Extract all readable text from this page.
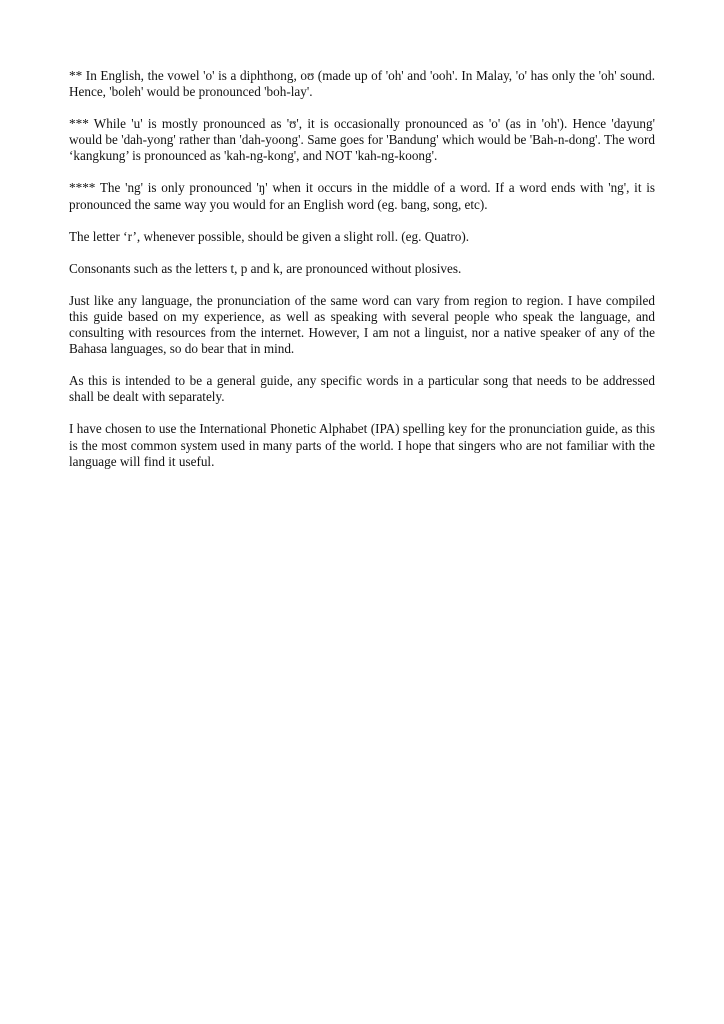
** In English, the vowel 'o' is a diphthong, oʊ (made up of 'oh' and 'ooh'. In Malay, 'o' has only the 'oh' sound. Hence, 'boleh' would be pronounced 'boh-lay'.

*** While 'u' is mostly pronounced as 'ʊ', it is occasionally pronounced as 'o' (as in 'oh'). Hence 'dayung' would be 'dah-yong' rather than 'dah-yoong'. Same goes for 'Bandung' which would be 'Bah-n-dong'. The word ‘kangkung’ is pronounced as 'kah-ng-kong', and NOT 'kah-ng-koong'.

**** The 'ng' is only pronounced 'ŋ' when it occurs in the middle of a word. If a word ends with 'ng', it is pronounced the same way you would for an English word (eg. bang, song, etc).

The letter ‘r’, whenever possible, should be given a slight roll. (eg. Quatro).

Consonants such as the letters t, p and k, are pronounced without plosives.

Just like any language, the pronunciation of the same word can vary from region to region. I have compiled this guide based on my experience, as well as speaking with several people who speak the language, and consulting with resources from the internet. However, I am not a linguist, nor a native speaker of any of the Bahasa languages, so do bear that in mind.

As this is intended to be a general guide, any specific words in a particular song that needs to be addressed shall be dealt with separately.

I have chosen to use the International Phonetic Alphabet (IPA) spelling key for the pronunciation guide, as this is the most common system used in many parts of the world. I hope that singers who are not familiar with the language will find it useful.
